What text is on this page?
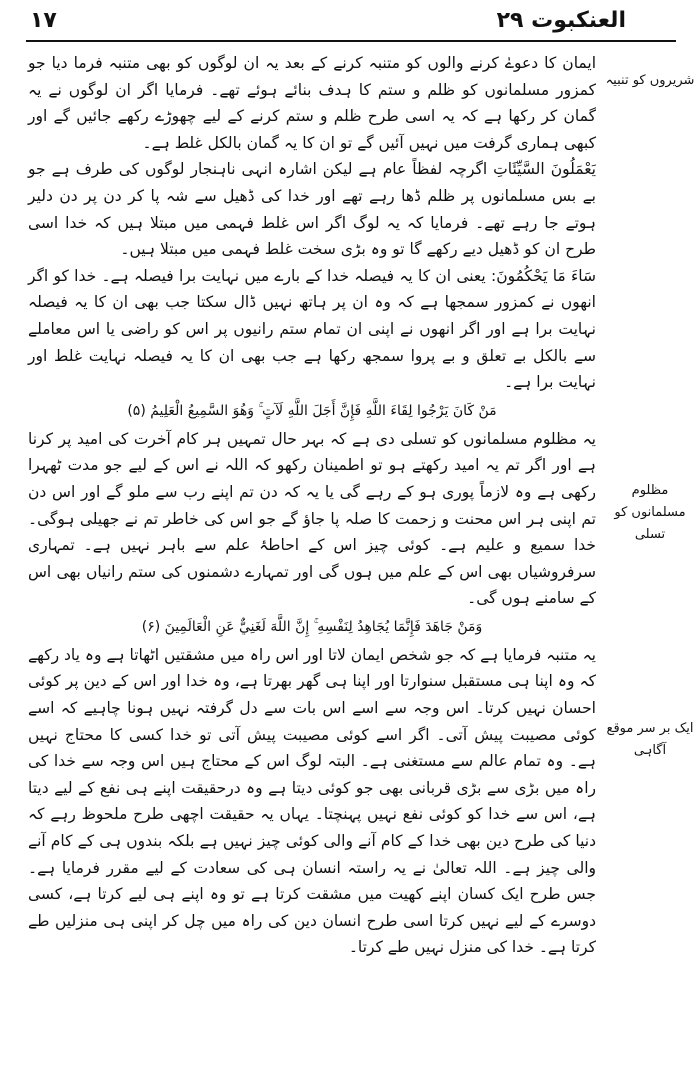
١٧	العنکبوت ۲۹
شریروں کو تنبیہ
مظلوم مسلمانوں کو تسلی
ایک بر سر موقع آگاہی

ایمان کا دعوےٰ کرنے والوں کو متنبہ کرنے کے بعد یہ ان لوگوں کو بھی متنبہ فرما دیا جو کمزور مسلمانوں کو ظلم و ستم کا ہدف بنائے ہوئے تھے۔ فرمایا اگر ان لوگوں نے یہ گمان کر رکھا ہے کہ یہ اسی طرح ظلم و ستم کرنے کے لیے چھوڑے رکھے جائیں گے اور کبھی ہماری گرفت میں نہیں آئیں گے تو ان کا یہ گمان بالکل غلط ہے۔

یَعْمَلُونَ السَّیِّئَاتِ اگرچہ لفظاً عام ہے لیکن اشارہ انہی ناہنجار لوگوں کی طرف ہے جو بے بس مسلمانوں پر ظلم ڈھا رہے تھے اور خدا کی ڈھیل سے شہ پا کر دن پر دن دلیر ہوتے جا رہے تھے۔ فرمایا کہ یہ لوگ اگر اس غلط فہمی میں مبتلا ہیں کہ خدا اسی طرح ان کو ڈھیل دیے رکھے گا تو وہ بڑی سخت غلط فہمی میں مبتلا ہیں۔

سَاءَ مَا یَحْکُمُونَ: یعنی ان کا یہ فیصلہ خدا کے بارے میں نہایت برا فیصلہ ہے۔ خدا کو اگر انھوں نے کمزور سمجھا ہے کہ وہ ان پر ہاتھ نہیں ڈال سکتا جب بھی ان کا یہ فیصلہ نہایت برا ہے اور اگر انھوں نے اپنی ان تمام ستم رانیوں پر اس کو راضی یا اس معاملے سے بالکل بے تعلق و بے پروا سمجھ رکھا ہے جب بھی ان کا یہ فیصلہ نہایت غلط اور نہایت برا ہے۔

مَنْ كَانَ يَرْجُوا لِقَاءَ اللَّهِ فَإِنَّ أَجَلَ اللَّهِ لَآتٍ ۚ وَهُوَ السَّمِيعُ الْعَلِيمُ (۵)

یہ مظلوم مسلمانوں کو تسلی دی ہے کہ بہر حال تمہیں ہر کام آخرت کی امید پر کرنا ہے اور اگر تم یہ امید رکھتے ہو تو اطمینان رکھو کہ اللہ نے اس کے لیے جو مدت ٹھہرا رکھی ہے وہ لازماً پوری ہو کے رہے گی یا یہ کہ دن تم اپنے رب سے ملو گے اور اس دن تم اپنی ہر اس محنت و زحمت کا صلہ پا جاؤ گے جو اس کی خاطر تم نے جھیلی ہوگی۔ خدا سمیع و علیم ہے۔ کوئی چیز اس کے احاطۂ علم سے باہر نہیں ہے۔ تمہاری سرفروشیاں بھی اس کے علم میں ہوں گی اور تمہارے دشمنوں کی ستم رانیاں بھی اس کے سامنے ہوں گی۔

وَمَنْ جَاهَدَ فَإِنَّمَا يُجَاهِدُ لِنَفْسِهِ ۚ إِنَّ اللَّهَ لَغَنِيٌّ عَنِ الْعَالَمِينَ (۶)

یہ متنبہ فرمایا ہے کہ جو شخص ایمان لاتا اور اس راہ میں مشقتیں اٹھاتا ہے وہ یاد رکھے کہ وہ اپنا ہی مستقبل سنوارتا اور اپنا ہی گھر بھرتا ہے، وہ خدا اور اس کے دین پر کوئی احسان نہیں کرتا۔ اس وجہ سے اسے اس بات سے دل گرفتہ نہیں ہونا چاہیے کہ اسے کوئی مصیبت پیش آتی۔ اگر اسے کوئی مصیبت پیش آتی تو خدا کسی کا محتاج نہیں ہے۔ وہ تمام عالم سے مستغنی ہے۔ البتہ لوگ اس کے محتاج ہیں اس وجہ سے خدا کی راہ میں بڑی سے بڑی قربانی بھی جو کوئی دیتا ہے وہ درحقیقت اپنے ہی نفع کے لیے دیتا ہے، اس سے خدا کو کوئی نفع نہیں پہنچتا۔ یہاں یہ حقیقت اچھی طرح ملحوظ رہے کہ دنیا کی طرح دین بھی خدا کے کام آنے والی کوئی چیز نہیں ہے بلکہ بندوں ہی کے کام آنے والی چیز ہے۔ اللہ تعالیٰ نے یہ راستہ انسان ہی کی سعادت کے لیے مقرر فرمایا ہے۔ جس طرح ایک کسان اپنے کھیت میں مشقت کرتا ہے تو وہ اپنے ہی لیے کرتا ہے، کسی دوسرے کے لیے نہیں کرتا اسی طرح انسان دین کی راہ میں چل کر اپنی ہی منزلیں طے کرتا ہے۔ خدا کی منزل نہیں طے کرتا۔
